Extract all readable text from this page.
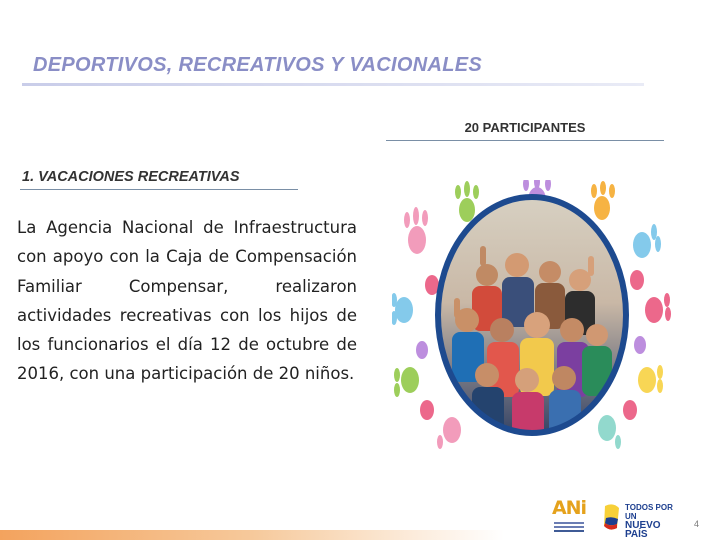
DEPORTIVOS, RECREATIVOS Y VACIONALES
20 PARTICIPANTES
1. VACACIONES RECREATIVAS

La Agencia Nacional de Infraestructura con apoyo con la Caja de Compensación Familiar Compensar, realizaron actividades recreativas con los hijos de los funcionarios el día 12 de octubre de 2016, con una participación de 20 niños.

ANi	TODOS POR UN
NUEVO PAÍS
4
